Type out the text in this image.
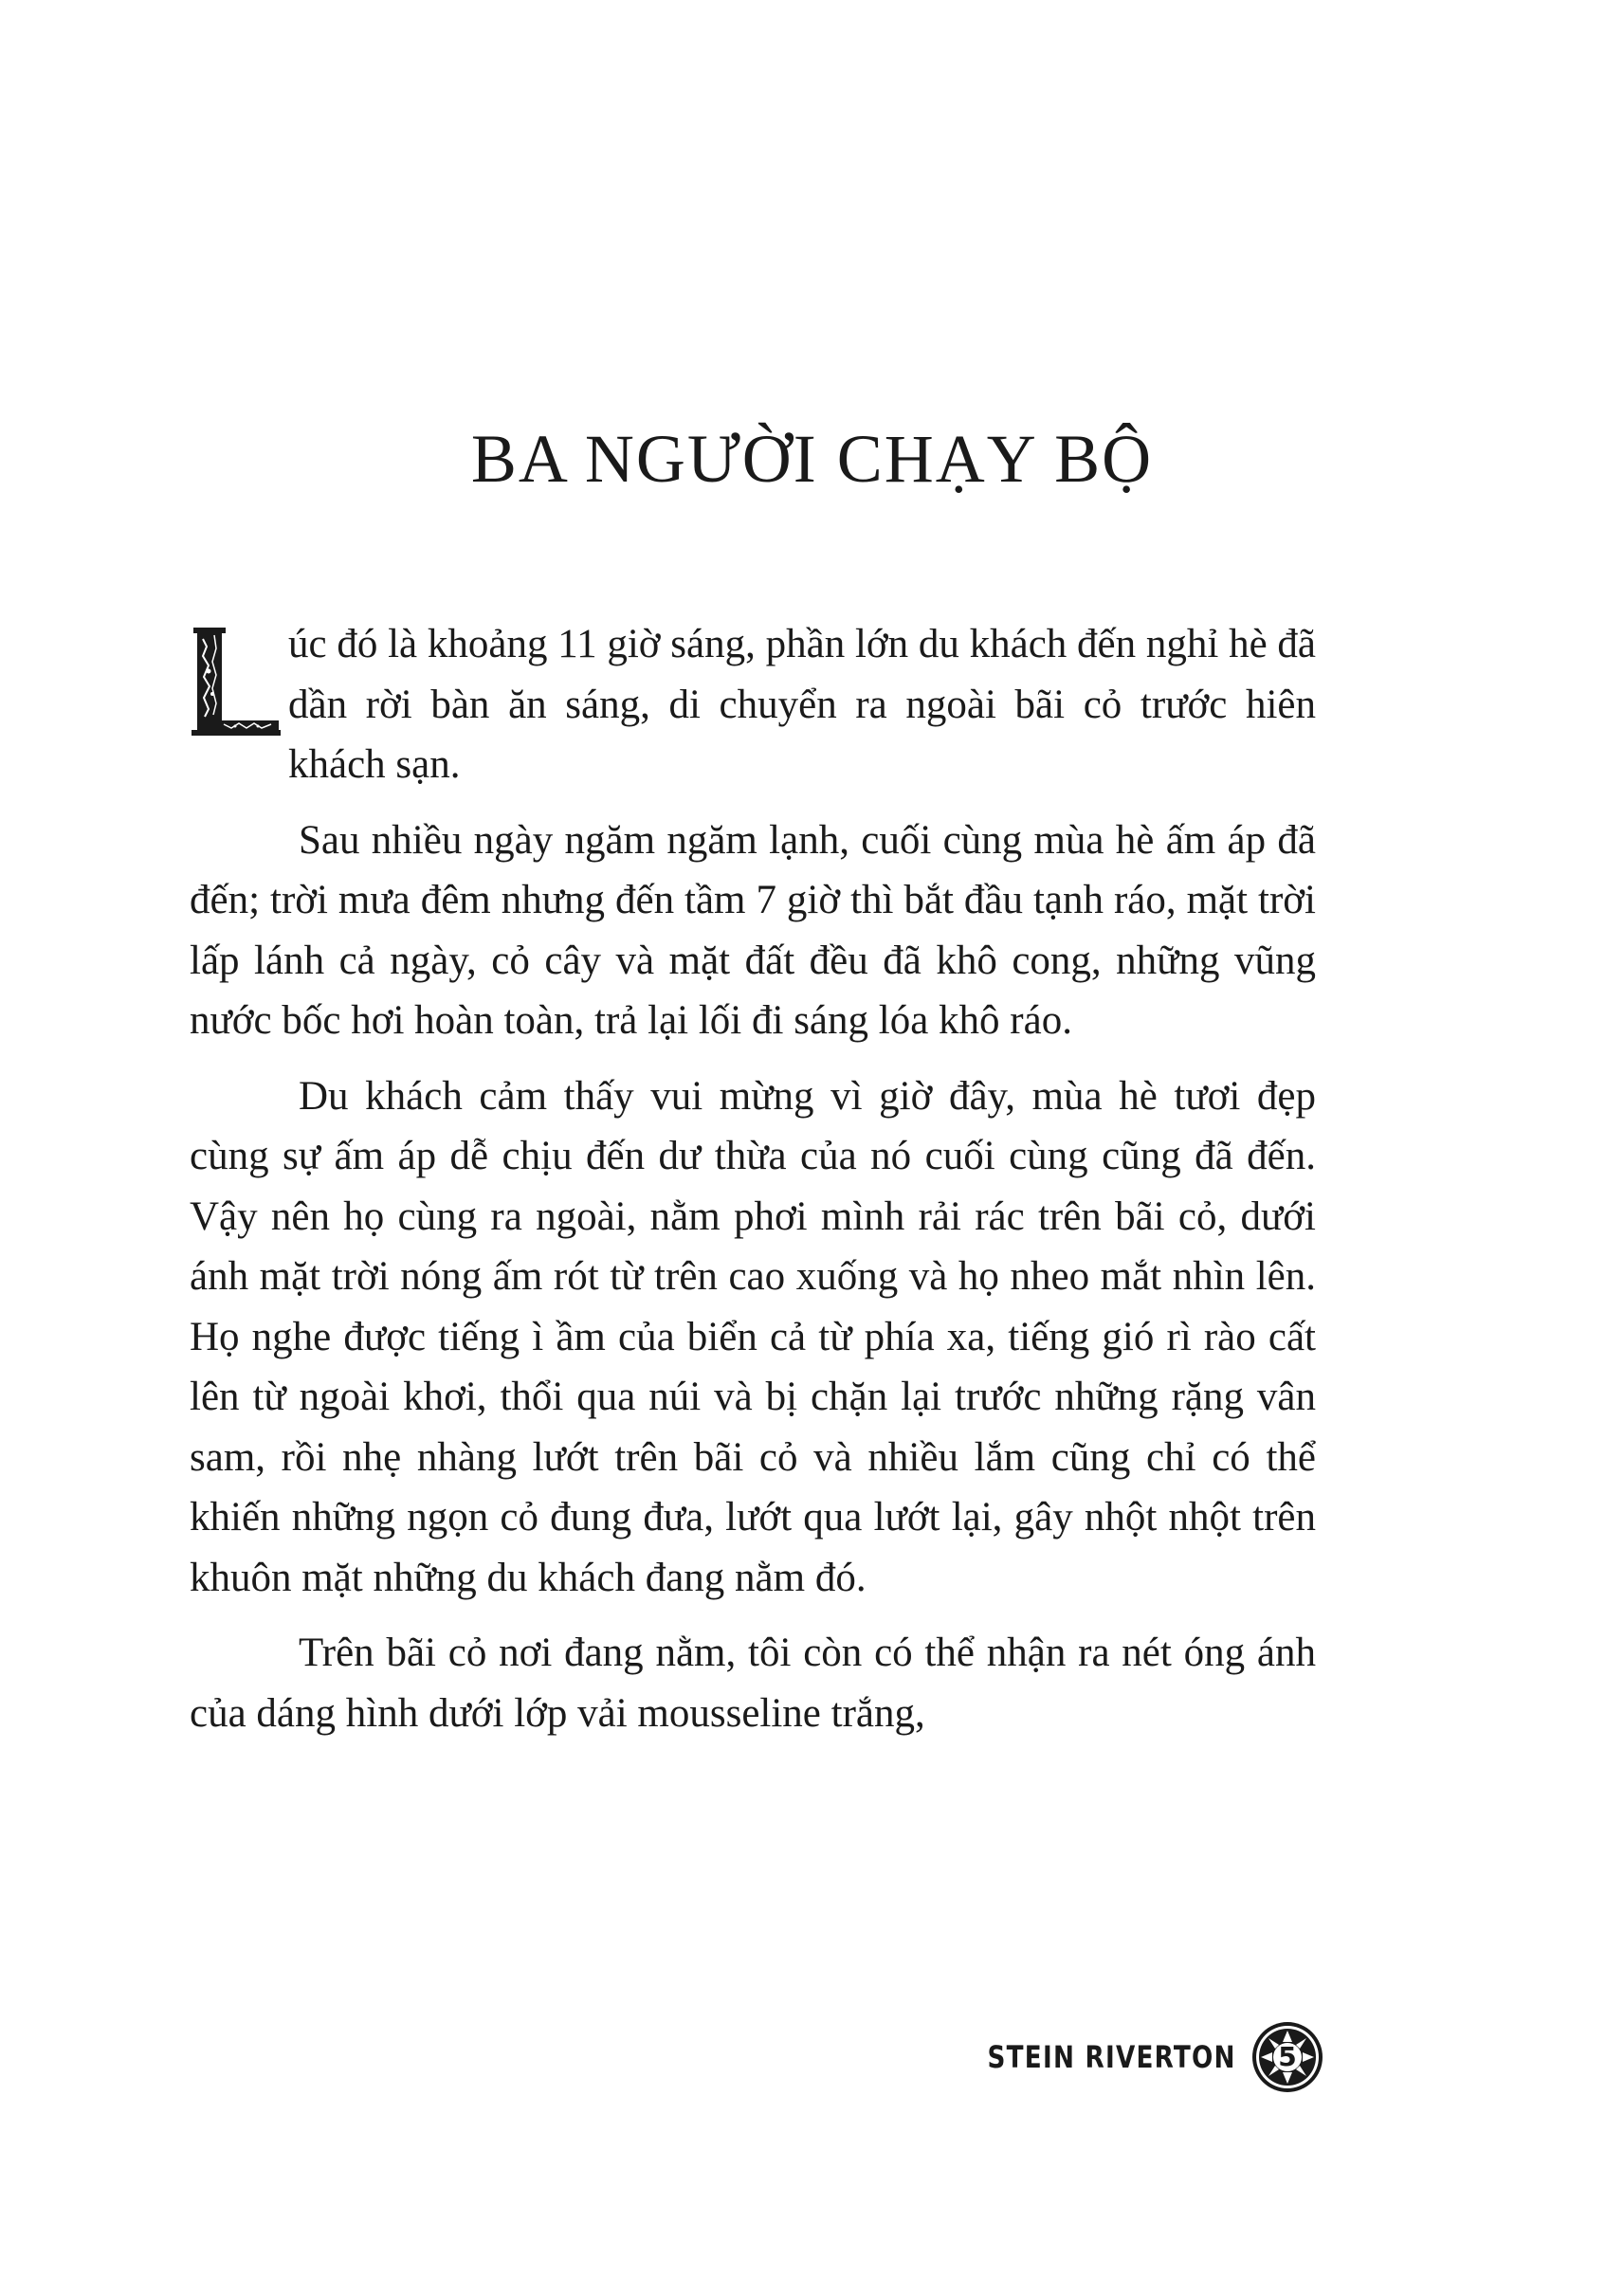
BA NGƯỜI CHẠY BỘ

úc đó là khoảng 11 giờ sáng, phần lớn du khách đến nghỉ hè đã dần rời bàn ăn sáng, di chuyển ra ngoài bãi cỏ trước hiên khách sạn.

Sau nhiều ngày ngăm ngăm lạnh, cuối cùng mùa hè ấm áp đã đến; trời mưa đêm nhưng đến tầm 7 giờ thì bắt đầu tạnh ráo, mặt trời lấp lánh cả ngày, cỏ cây và mặt đất đều đã khô cong, những vũng nước bốc hơi hoàn toàn, trả lại lối đi sáng lóa khô ráo.

Du khách cảm thấy vui mừng vì giờ đây, mùa hè tươi đẹp cùng sự ấm áp dễ chịu đến dư thừa của nó cuối cùng cũng đã đến. Vậy nên họ cùng ra ngoài, nằm phơi mình rải rác trên bãi cỏ, dưới ánh mặt trời nóng ấm rót từ trên cao xuống và họ nheo mắt nhìn lên. Họ nghe được tiếng ì ầm của biển cả từ phía xa, tiếng gió rì rào cất lên từ ngoài khơi, thổi qua núi và bị chặn lại trước những rặng vân sam, rồi nhẹ nhàng lướt trên bãi cỏ và nhiều lắm cũng chỉ có thể khiến những ngọn cỏ đung đưa, lướt qua lướt lại, gây nhột nhột trên khuôn mặt những du khách đang nằm đó.

Trên bãi cỏ nơi đang nằm, tôi còn có thể nhận ra nét óng ánh của dáng hình dưới lớp vải mousseline trắng,

STEIN RIVERTON	5
